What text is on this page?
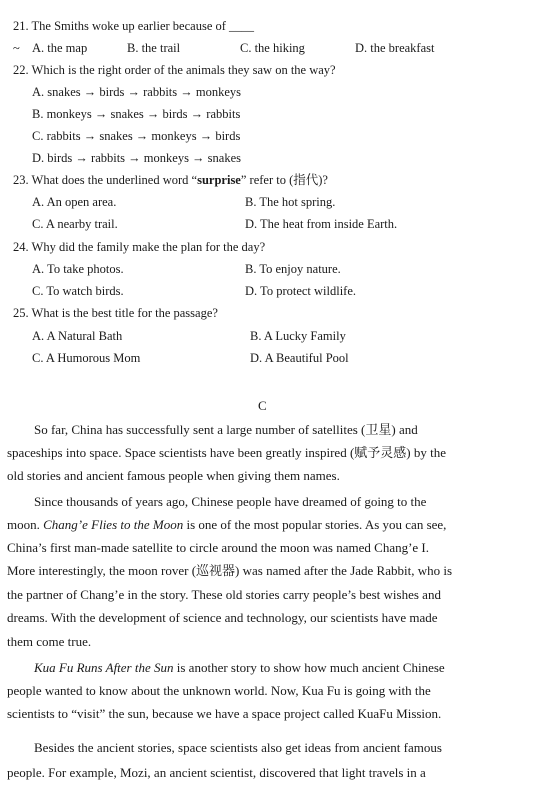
21. The Smiths woke up earlier because of ____
~ A. the map	B. the trail	C. the hiking	D. the breakfast
22. Which is the right order of the animals they saw on the way?
A. snakes → birds → rabbits → monkeys
B. monkeys → snakes → birds → rabbits
C. rabbits → snakes → monkeys → birds
D. birds → rabbits → monkeys → snakes
23. What does the underlined word “surprise” refer to (指代)?
A. An open area.	B. The hot spring.
C. A nearby trail.	D. The heat from inside Earth.
24. Why did the family make the plan for the day?
A. To take photos.	B. To enjoy nature.
C. To watch birds.	D. To protect wildlife.
25. What is the best title for the passage?
A. A Natural Bath	B. A Lucky Family
C. A Humorous Mom	D. A Beautiful Pool
C
So far, China has successfully sent a large number of satellites (卫星) and
spaceships into space. Space scientists have been greatly inspired (赋予灵感) by the
old stories and ancient famous people when giving them names.
Since thousands of years ago, Chinese people have dreamed of going to the
moon. Chang’e Flies to the Moon is one of the most popular stories. As you can see,
China’s first man-made satellite to circle around the moon was named Chang’e I.
More interestingly, the moon rover (巡视器) was named after the Jade Rabbit, who is
the partner of Chang’e in the story. These old stories carry people’s best wishes and
dreams. With the development of science and technology, our scientists have made
them come true.
Kua Fu Runs After the Sun is another story to show how much ancient Chinese
people wanted to know about the unknown world. Now, Kua Fu is going with the
scientists to “visit” the sun, because we have a space project called KuaFu Mission.
Besides the ancient stories, space scientists also get ideas from ancient famous
people. For example, Mozi, an ancient scientist, discovered that light travels in a
